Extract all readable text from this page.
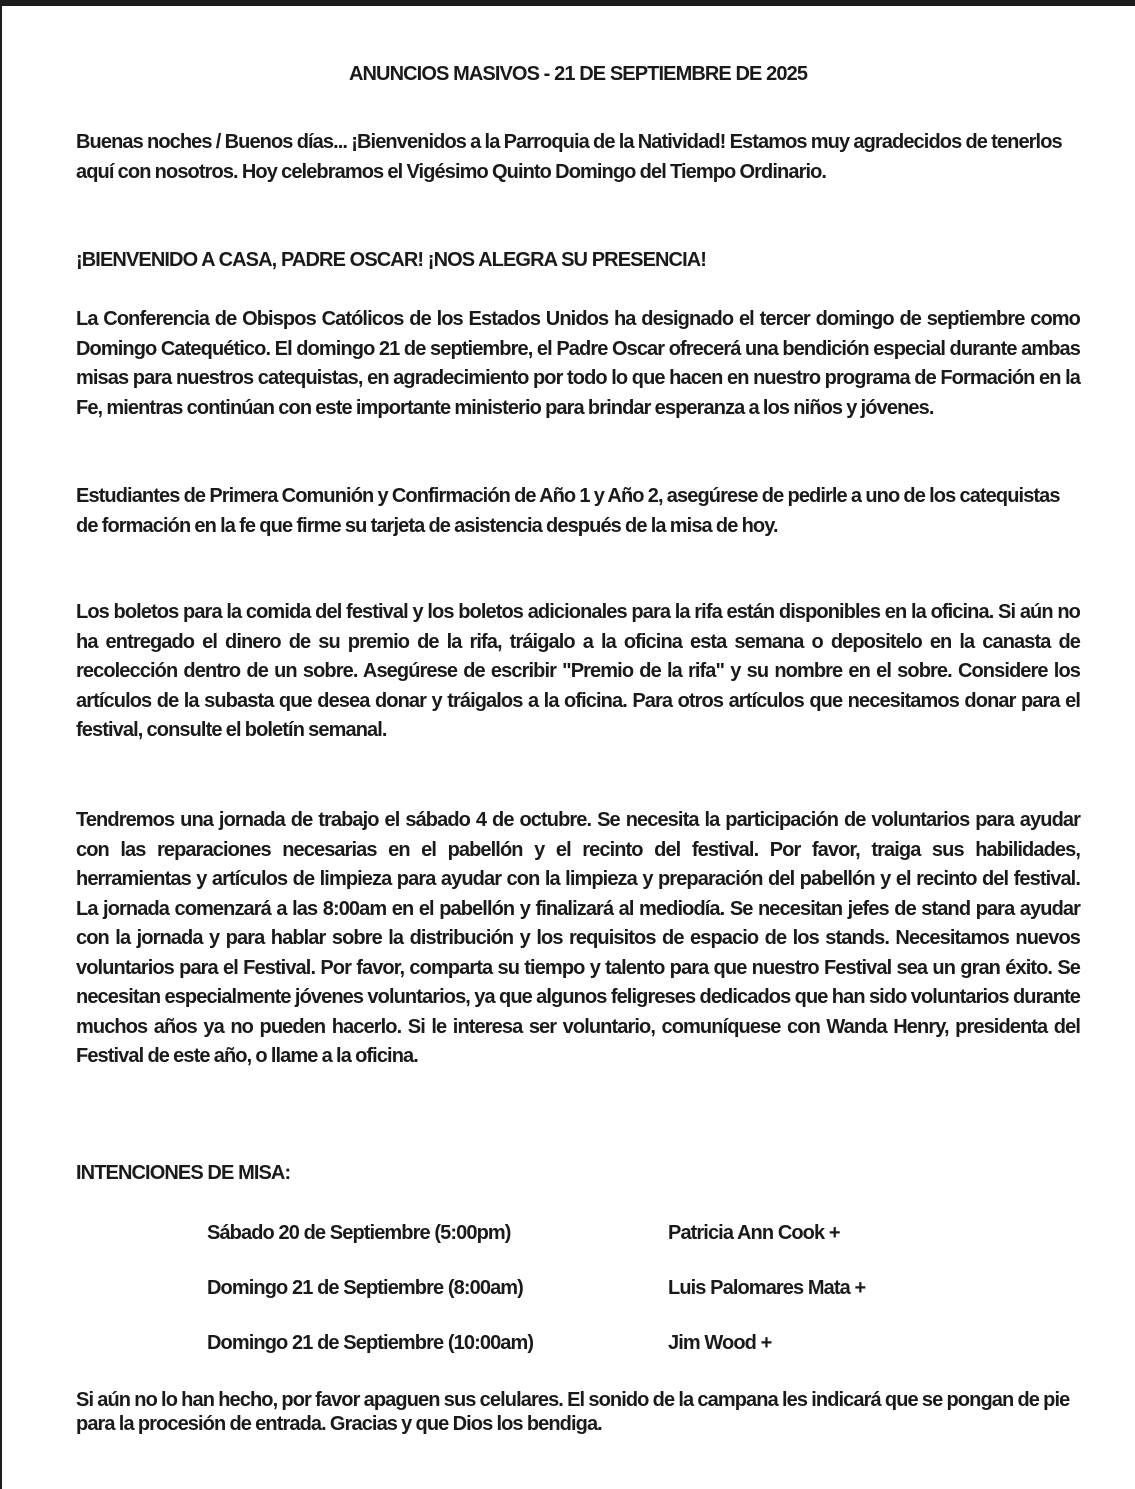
ANUNCIOS MASIVOS - 21 DE SEPTIEMBRE DE 2025

Buenas noches / Buenos días... ¡Bienvenidos a la Parroquia de la Natividad! Estamos muy agradecidos de tenerlos aquí con nosotros. Hoy celebramos el Vigésimo Quinto Domingo del Tiempo Ordinario.

¡BIENVENIDO A CASA, PADRE OSCAR! ¡NOS ALEGRA SU PRESENCIA!

La Conferencia de Obispos Católicos de los Estados Unidos ha designado el tercer domingo de septiembre como Domingo Catequético. El domingo 21 de septiembre, el Padre Oscar ofrecerá una bendición especial durante ambas misas para nuestros catequistas, en agradecimiento por todo lo que hacen en nuestro programa de Formación en la Fe, mientras continúan con este importante ministerio para brindar esperanza a los niños y jóvenes.

Estudiantes de Primera Comunión y Confirmación de Año 1 y Año 2, asegúrese de pedirle a uno de los catequistas de formación en la fe que firme su tarjeta de asistencia después de la misa de hoy.

Los boletos para la comida del festival y los boletos adicionales para la rifa están disponibles en la oficina. Si aún no ha entregado el dinero de su premio de la rifa, tráigalo a la oficina esta semana o depositelo en la canasta de recolección dentro de un sobre. Asegúrese de escribir "Premio de la rifa" y su nombre en el sobre. Considere los artículos de la subasta que desea donar y tráigalos a la oficina. Para otros artículos que necesitamos donar para el festival, consulte el boletín semanal.

Tendremos una jornada de trabajo el sábado 4 de octubre. Se necesita la participación de voluntarios para ayudar con las reparaciones necesarias en el pabellón y el recinto del festival. Por favor, traiga sus habilidades, herramientas y artículos de limpieza para ayudar con la limpieza y preparación del pabellón y el recinto del festival. La jornada comenzará a las 8:00am en el pabellón y finalizará al mediodía. Se necesitan jefes de stand para ayudar con la jornada y para hablar sobre la distribución y los requisitos de espacio de los stands. Necesitamos nuevos voluntarios para el Festival. Por favor, comparta su tiempo y talento para que nuestro Festival sea un gran éxito. Se necesitan especialmente jóvenes voluntarios, ya que algunos feligreses dedicados que han sido voluntarios durante muchos años ya no pueden hacerlo. Si le interesa ser voluntario, comuníquese con Wanda Henry, presidenta del Festival de este año, o llame a la oficina.

INTENCIONES DE MISA:

Sábado 20 de Septiembre (5:00pm)	Patricia Ann Cook +
Domingo 21 de Septiembre (8:00am)	Luis Palomares Mata +
Domingo 21 de Septiembre (10:00am)	Jim Wood +

Si aún no lo han hecho, por favor apaguen sus celulares. El sonido de la campana les indicará que se pongan de pie para la procesión de entrada. Gracias y que Dios los bendiga.
